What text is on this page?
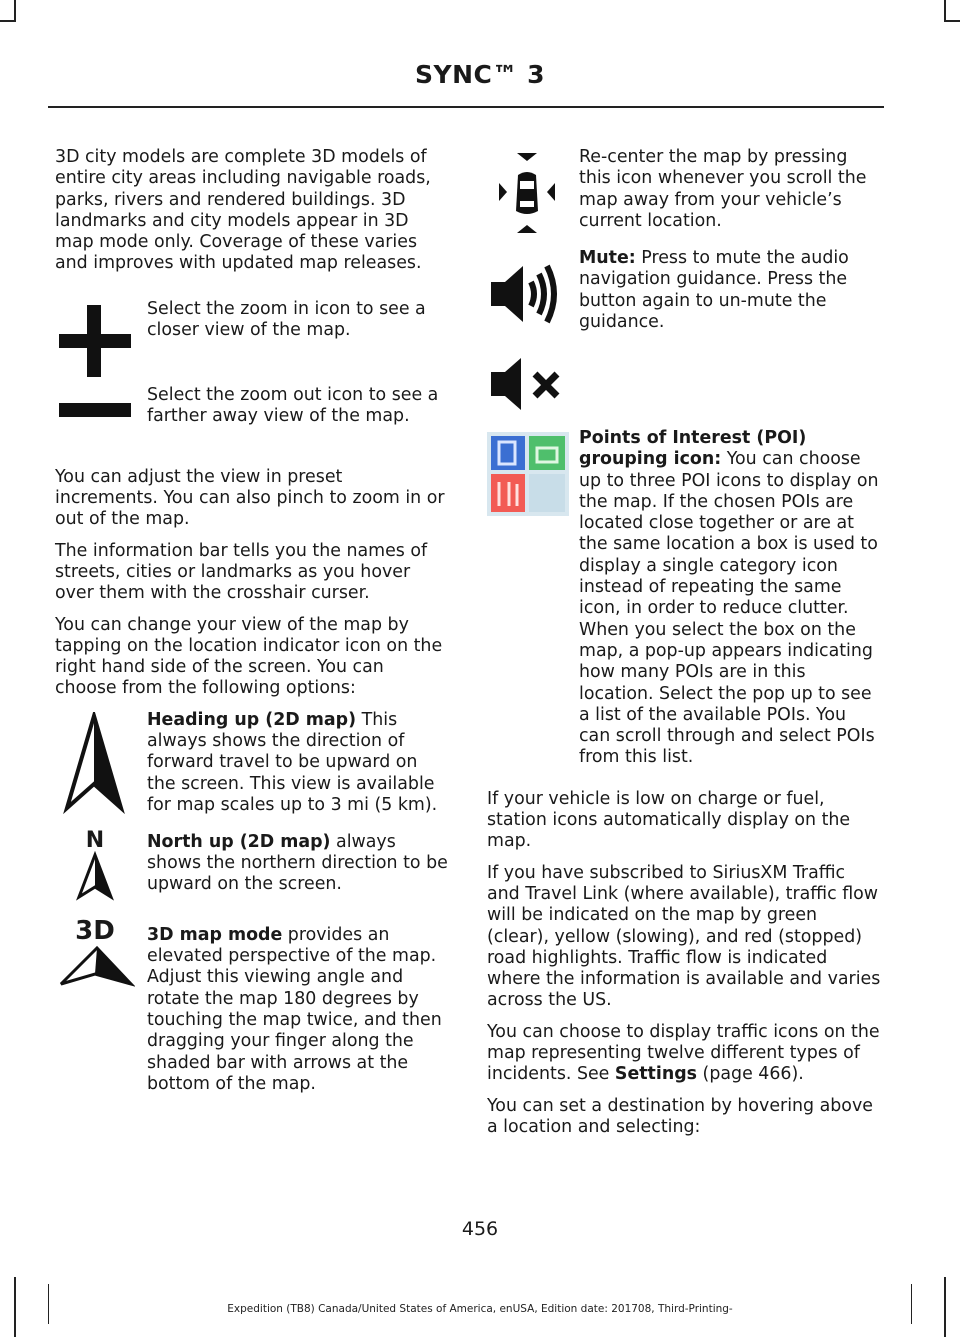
SYNC™ 3

3D city models are complete 3D models of entire city areas including navigable roads, parks, rivers and rendered buildings. 3D landmarks and city models appear in 3D map mode only. Coverage of these varies and improves with updated map releases.

Select the zoom in icon to see a closer view of the map.

Select the zoom out icon to see a farther away view of the map.

You can adjust the view in preset increments. You can also pinch to zoom in or out of the map.

The information bar tells you the names of streets, cities or landmarks as you hover over them with the crosshair curser.

You can change your view of the map by tapping on the location indicator icon on the right hand side of the screen. You can choose from the following options:

Heading up (2D map) This always shows the direction of forward travel to be upward on the screen. This view is available for map scales up to 3 mi (5 km).

N	North up (2D map) always shows the northern direction to be upward on the screen.

3D	3D map mode provides an elevated perspective of the map. Adjust this viewing angle and rotate the map 180 degrees by touching the map twice, and then dragging your finger along the shaded bar with arrows at the bottom of the map.

Re-center the map by pressing this icon whenever you scroll the map away from your vehicle’s current location.

Mute: Press to mute the audio navigation guidance. Press the button again to un-mute the guidance.

Points of Interest (POI) grouping icon: You can choose up to three POI icons to display on the map. If the chosen POIs are located close together or are at the same location a box is used to display a single category icon instead of repeating the same icon, in order to reduce clutter. When you select the box on the map, a pop-up appears indicating how many POIs are in this location. Select the pop up to see a list of the available POIs. You can scroll through and select POIs from this list.

If your vehicle is low on charge or fuel, station icons automatically display on the map.

If you have subscribed to SiriusXM Traffic and Travel Link (where available), traffic flow will be indicated on the map by green (clear), yellow (slowing), and red (stopped) road highlights. Traffic flow is indicated where the information is available and varies across the US.

You can choose to display traffic icons on the map representing twelve different types of incidents. See Settings (page 466).

You can set a destination by hovering above a location and selecting:

456
Expedition (TB8) Canada/United States of America, enUSA, Edition date: 201708, Third-Printing-
